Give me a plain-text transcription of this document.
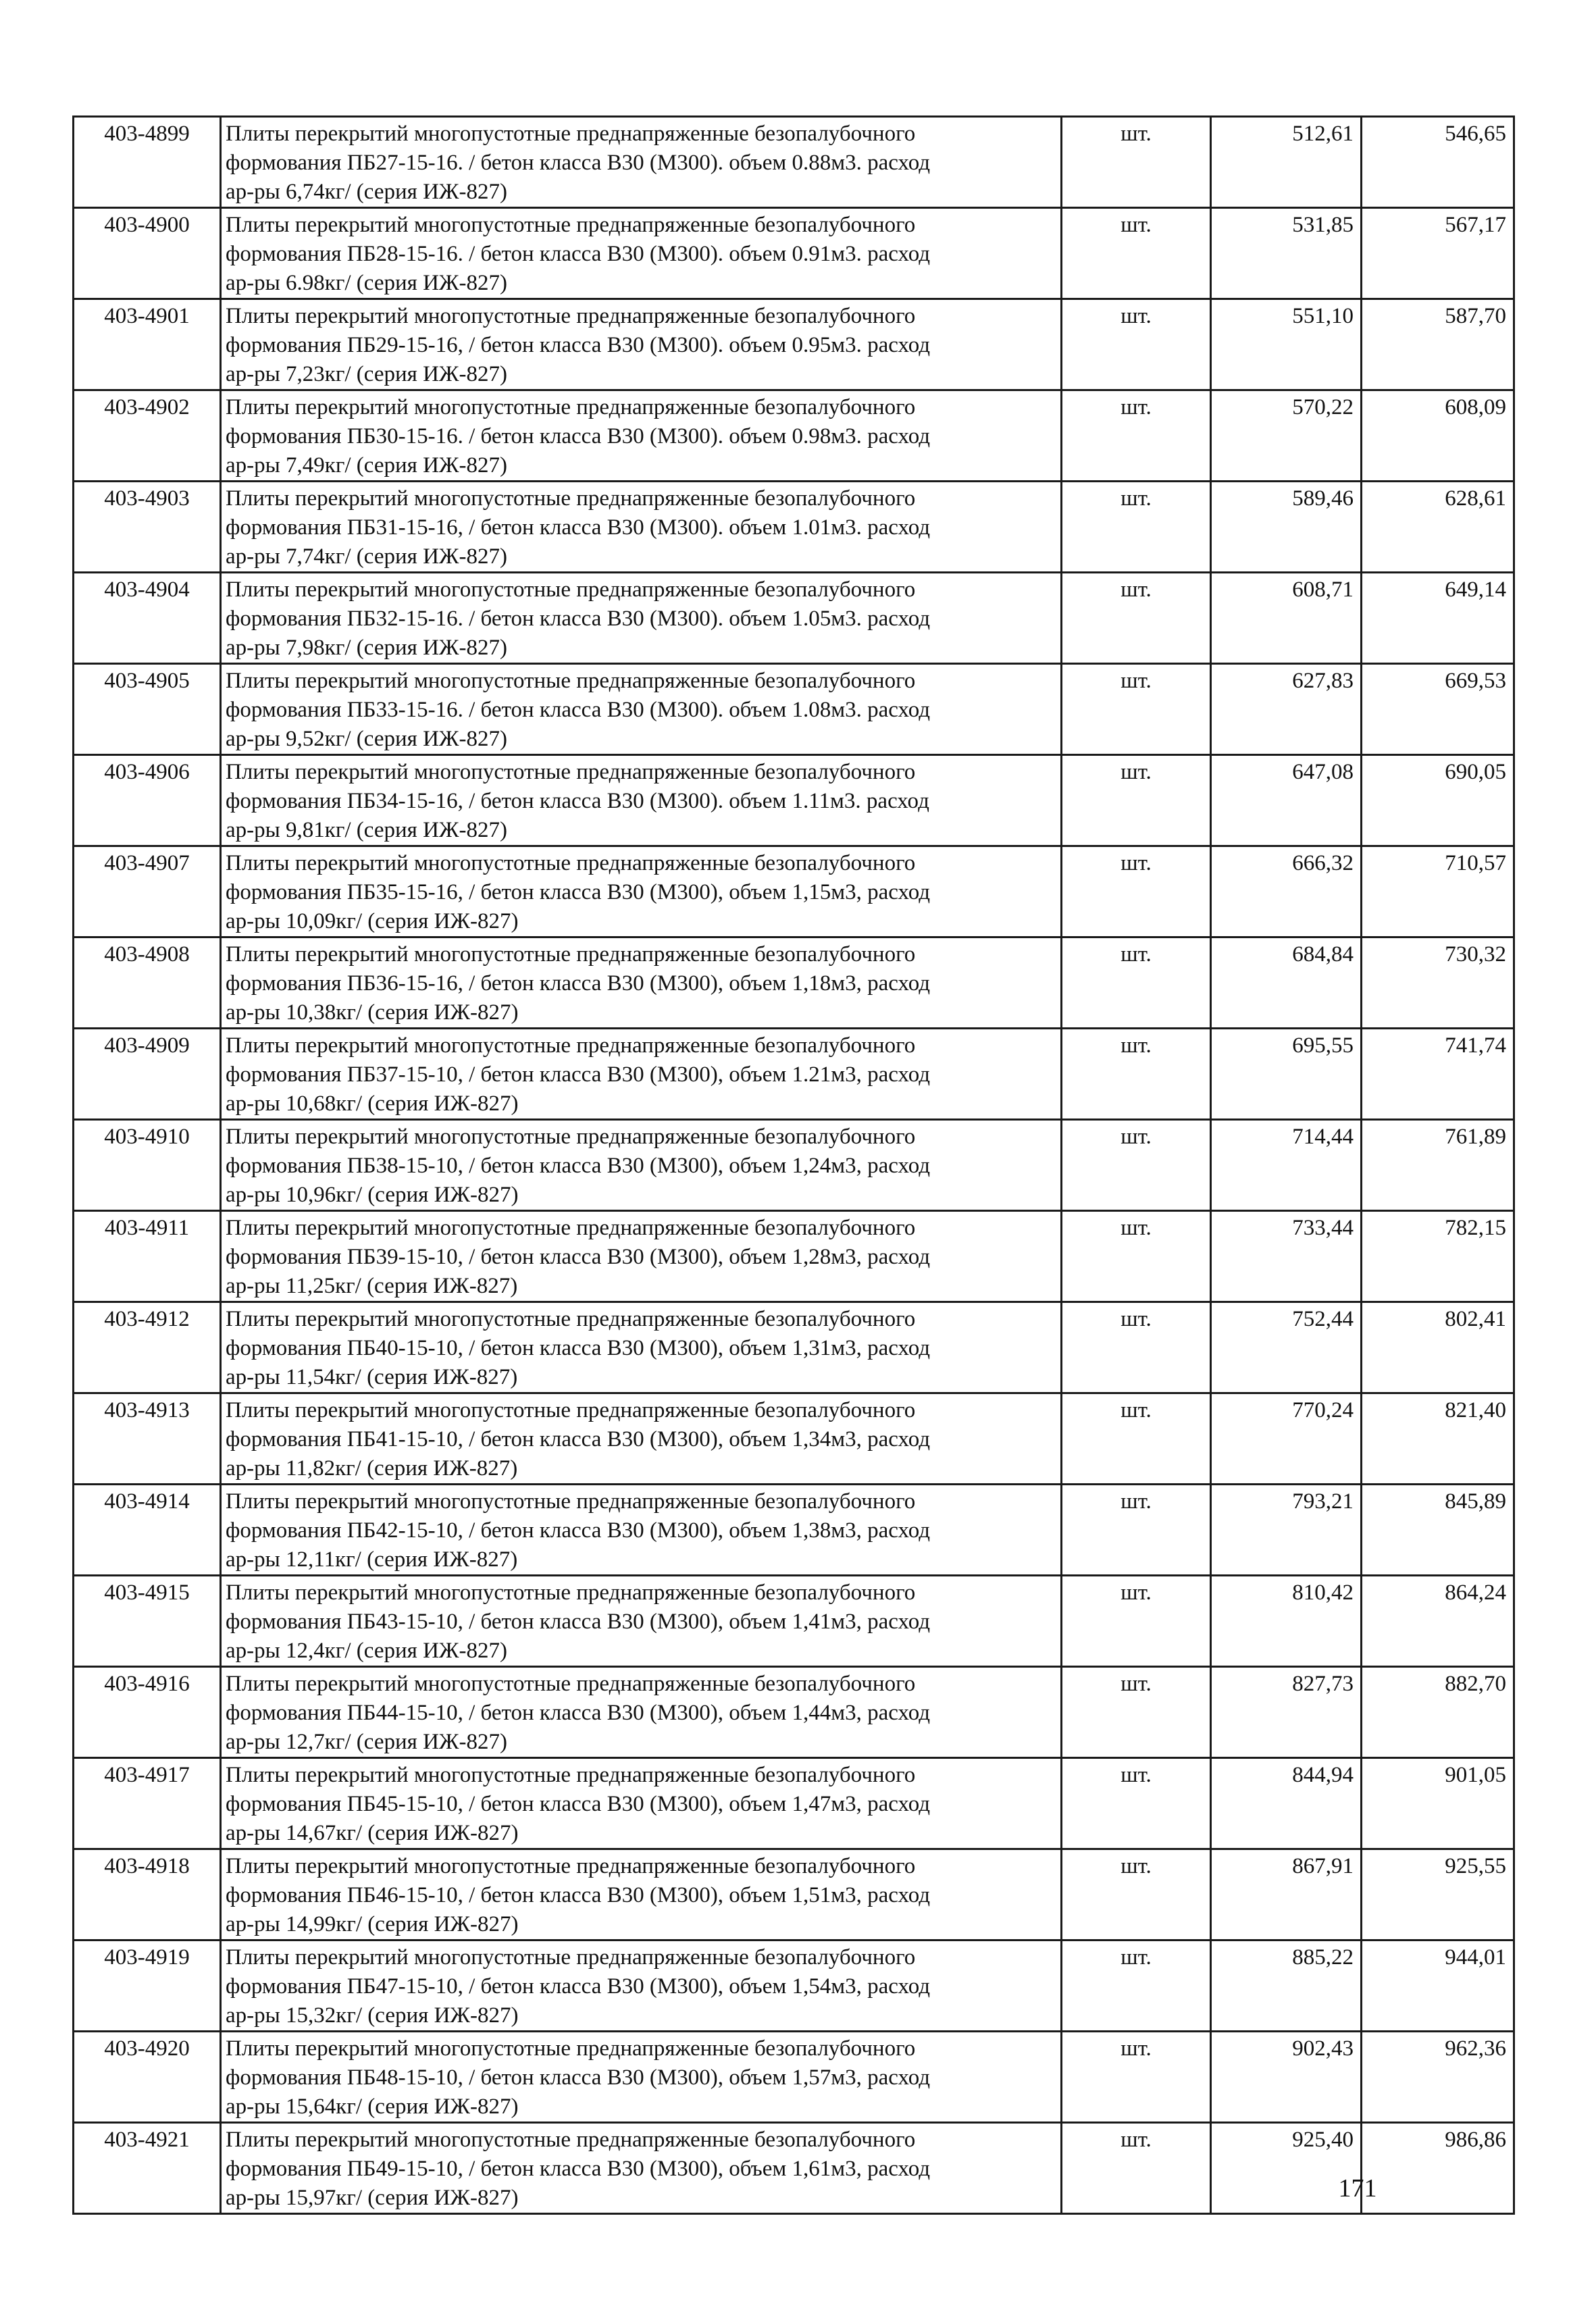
403-4899	Плиты перекрытий многопустотные преднапряженные безопалубочного
формования ПБ27-15-16. / бетон класса В30 (М300). объем 0.88м3. расход
ар-ры 6,74кг/ (серия ИЖ-827)	шт.	512,61	546,65
403-4900	Плиты перекрытий многопустотные преднапряженные безопалубочного
формования ПБ28-15-16. / бетон класса В30 (М300). объем 0.91м3. расход
ар-ры 6.98кг/ (серия ИЖ-827)	шт.	531,85	567,17
403-4901	Плиты перекрытий многопустотные преднапряженные безопалубочного
формования ПБ29-15-16, / бетон класса В30 (М300). объем 0.95м3. расход
ар-ры 7,23кг/ (серия ИЖ-827)	шт.	551,10	587,70
403-4902	Плиты перекрытий многопустотные преднапряженные безопалубочного
формования ПБ30-15-16. / бетон класса В30 (М300). объем 0.98м3. расход
ар-ры 7,49кг/ (серия ИЖ-827)	шт.	570,22	608,09
403-4903	Плиты перекрытий многопустотные преднапряженные безопалубочного
формования ПБ31-15-16, / бетон класса В30 (М300). объем 1.01м3. расход
ар-ры 7,74кг/ (серия ИЖ-827)	шт.	589,46	628,61
403-4904	Плиты перекрытий многопустотные преднапряженные безопалубочного
формования ПБ32-15-16. / бетон класса В30 (М300). объем 1.05м3. расход
ар-ры 7,98кг/ (серия ИЖ-827)	шт.	608,71	649,14
403-4905	Плиты перекрытий многопустотные преднапряженные безопалубочного
формования ПБ33-15-16. / бетон класса В30 (М300). объем 1.08м3. расход
ар-ры 9,52кг/ (серия ИЖ-827)	шт.	627,83	669,53
403-4906	Плиты перекрытий многопустотные преднапряженные безопалубочного
формования ПБ34-15-16, / бетон класса В30 (М300). объем 1.11м3. расход
ар-ры 9,81кг/ (серия ИЖ-827)	шт.	647,08	690,05
403-4907	Плиты перекрытий многопустотные преднапряженные безопалубочного
формования ПБ35-15-16, / бетон класса В30 (М300), объем 1,15м3, расход
ар-ры 10,09кг/ (серия ИЖ-827)	шт.	666,32	710,57
403-4908	Плиты перекрытий многопустотные преднапряженные безопалубочного
формования ПБ36-15-16, / бетон класса В30 (М300), объем 1,18м3, расход
ар-ры 10,38кг/ (серия ИЖ-827)	шт.	684,84	730,32
403-4909	Плиты перекрытий многопустотные преднапряженные безопалубочного
формования ПБ37-15-10, / бетон класса В30 (М300), объем 1.21м3, расход
ар-ры 10,68кг/ (серия ИЖ-827)	шт.	695,55	741,74
403-4910	Плиты перекрытий многопустотные преднапряженные безопалубочного
формования ПБ38-15-10, / бетон класса В30 (М300), объем 1,24м3, расход
ар-ры 10,96кг/ (серия ИЖ-827)	шт.	714,44	761,89
403-4911	Плиты перекрытий многопустотные преднапряженные безопалубочного
формования ПБ39-15-10, / бетон класса В30 (М300), объем 1,28м3, расход
ар-ры 11,25кг/ (серия ИЖ-827)	шт.	733,44	782,15
403-4912	Плиты перекрытий многопустотные преднапряженные безопалубочного
формования ПБ40-15-10, / бетон класса В30 (М300), объем 1,31м3, расход
ар-ры 11,54кг/ (серия ИЖ-827)	шт.	752,44	802,41
403-4913	Плиты перекрытий многопустотные преднапряженные безопалубочного
формования ПБ41-15-10, / бетон класса В30 (М300), объем 1,34м3, расход
ар-ры 11,82кг/ (серия ИЖ-827)	шт.	770,24	821,40
403-4914	Плиты перекрытий многопустотные преднапряженные безопалубочного
формования ПБ42-15-10, / бетон класса В30 (М300), объем 1,38м3, расход
ар-ры 12,11кг/ (серия ИЖ-827)	шт.	793,21	845,89
403-4915	Плиты перекрытий многопустотные преднапряженные безопалубочного
формования ПБ43-15-10, / бетон класса В30 (М300), объем 1,41м3, расход
ар-ры 12,4кг/ (серия ИЖ-827)	шт.	810,42	864,24
403-4916	Плиты перекрытий многопустотные преднапряженные безопалубочного
формования ПБ44-15-10, / бетон класса В30 (М300), объем 1,44м3, расход
ар-ры 12,7кг/ (серия ИЖ-827)	шт.	827,73	882,70
403-4917	Плиты перекрытий многопустотные преднапряженные безопалубочного
формования ПБ45-15-10, / бетон класса В30 (М300), объем 1,47м3, расход
ар-ры 14,67кг/ (серия ИЖ-827)	шт.	844,94	901,05
403-4918	Плиты перекрытий многопустотные преднапряженные безопалубочного
формования ПБ46-15-10, / бетон класса В30 (М300), объем 1,51м3, расход
ар-ры 14,99кг/ (серия ИЖ-827)	шт.	867,91	925,55
403-4919	Плиты перекрытий многопустотные преднапряженные безопалубочного
формования ПБ47-15-10, / бетон класса В30 (М300), объем 1,54м3, расход
ар-ры 15,32кг/ (серия ИЖ-827)	шт.	885,22	944,01
403-4920	Плиты перекрытий многопустотные преднапряженные безопалубочного
формования ПБ48-15-10, / бетон класса В30 (М300), объем 1,57м3, расход
ар-ры 15,64кг/ (серия ИЖ-827)	шт.	902,43	962,36
403-4921	Плиты перекрытий многопустотные преднапряженные безопалубочного
формования ПБ49-15-10, / бетон класса В30 (М300), объем 1,61м3, расход
ар-ры 15,97кг/ (серия ИЖ-827)	шт.	925,40	986,86
171
